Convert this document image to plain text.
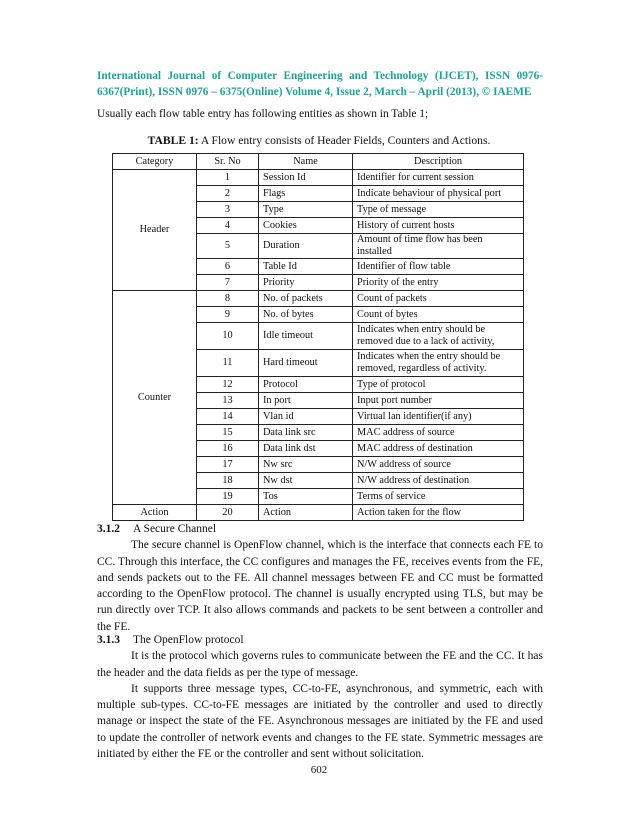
International Journal of Computer Engineering and Technology (IJCET), ISSN 0976-6367(Print), ISSN 0976 – 6375(Online) Volume 4, Issue 2, March – April (2013), © IAEME
Usually each flow table entry has following entities as shown in Table 1;
TABLE 1: A Flow entry consists of Header Fields, Counters and Actions.
Category	Sr. No	Name	Description
Header	1	Session Id	Identifier for current session
	2	Flags	Indicate behaviour of physical port
	3	Type	Type of message
	4	Cookies	History of current hosts
	5	Duration	Amount of time flow has been installed
	6	Table Id	Identifier of flow table
	7	Priority	Priority of the entry
Counter	8	No. of packets	Count of packets
	9	No. of bytes	Count of bytes
	10	Idle timeout	Indicates when entry should be removed due to a lack of activity,
	11	Hard timeout	Indicates when the entry should be removed, regardless of activity.
	12	Protocol	Type of protocol
	13	In port	Input port number
	14	Vlan id	Virtual lan identifier(if any)
	15	Data link src	MAC address of source
	16	Data link dst	MAC address of destination
	17	Nw src	N/W address of source
	18	Nw dst	N/W address of destination
	19	Tos	Terms of service
Action	20	Action	Action taken for the flow
3.1.2 A Secure Channel

The secure channel is OpenFlow channel, which is the interface that connects each FE to CC. Through this interface, the CC configures and manages the FE, receives events from the FE, and sends packets out to the FE. All channel messages between FE and CC must be formatted according to the OpenFlow protocol. The channel is usually encrypted using TLS, but may be run directly over TCP. It also allows commands and packets to be sent between a controller and the FE.

3.1.3 The OpenFlow protocol

It is the protocol which governs rules to communicate between the FE and the CC. It has the header and the data fields as per the type of message.

It supports three message types, CC-to-FE, asynchronous, and symmetric, each with multiple sub-types. CC-to-FE messages are initiated by the controller and used to directly manage or inspect the state of the FE. Asynchronous messages are initiated by the FE and used to update the controller of network events and changes to the FE state. Symmetric messages are initiated by either the FE or the controller and sent without solicitation.

602
